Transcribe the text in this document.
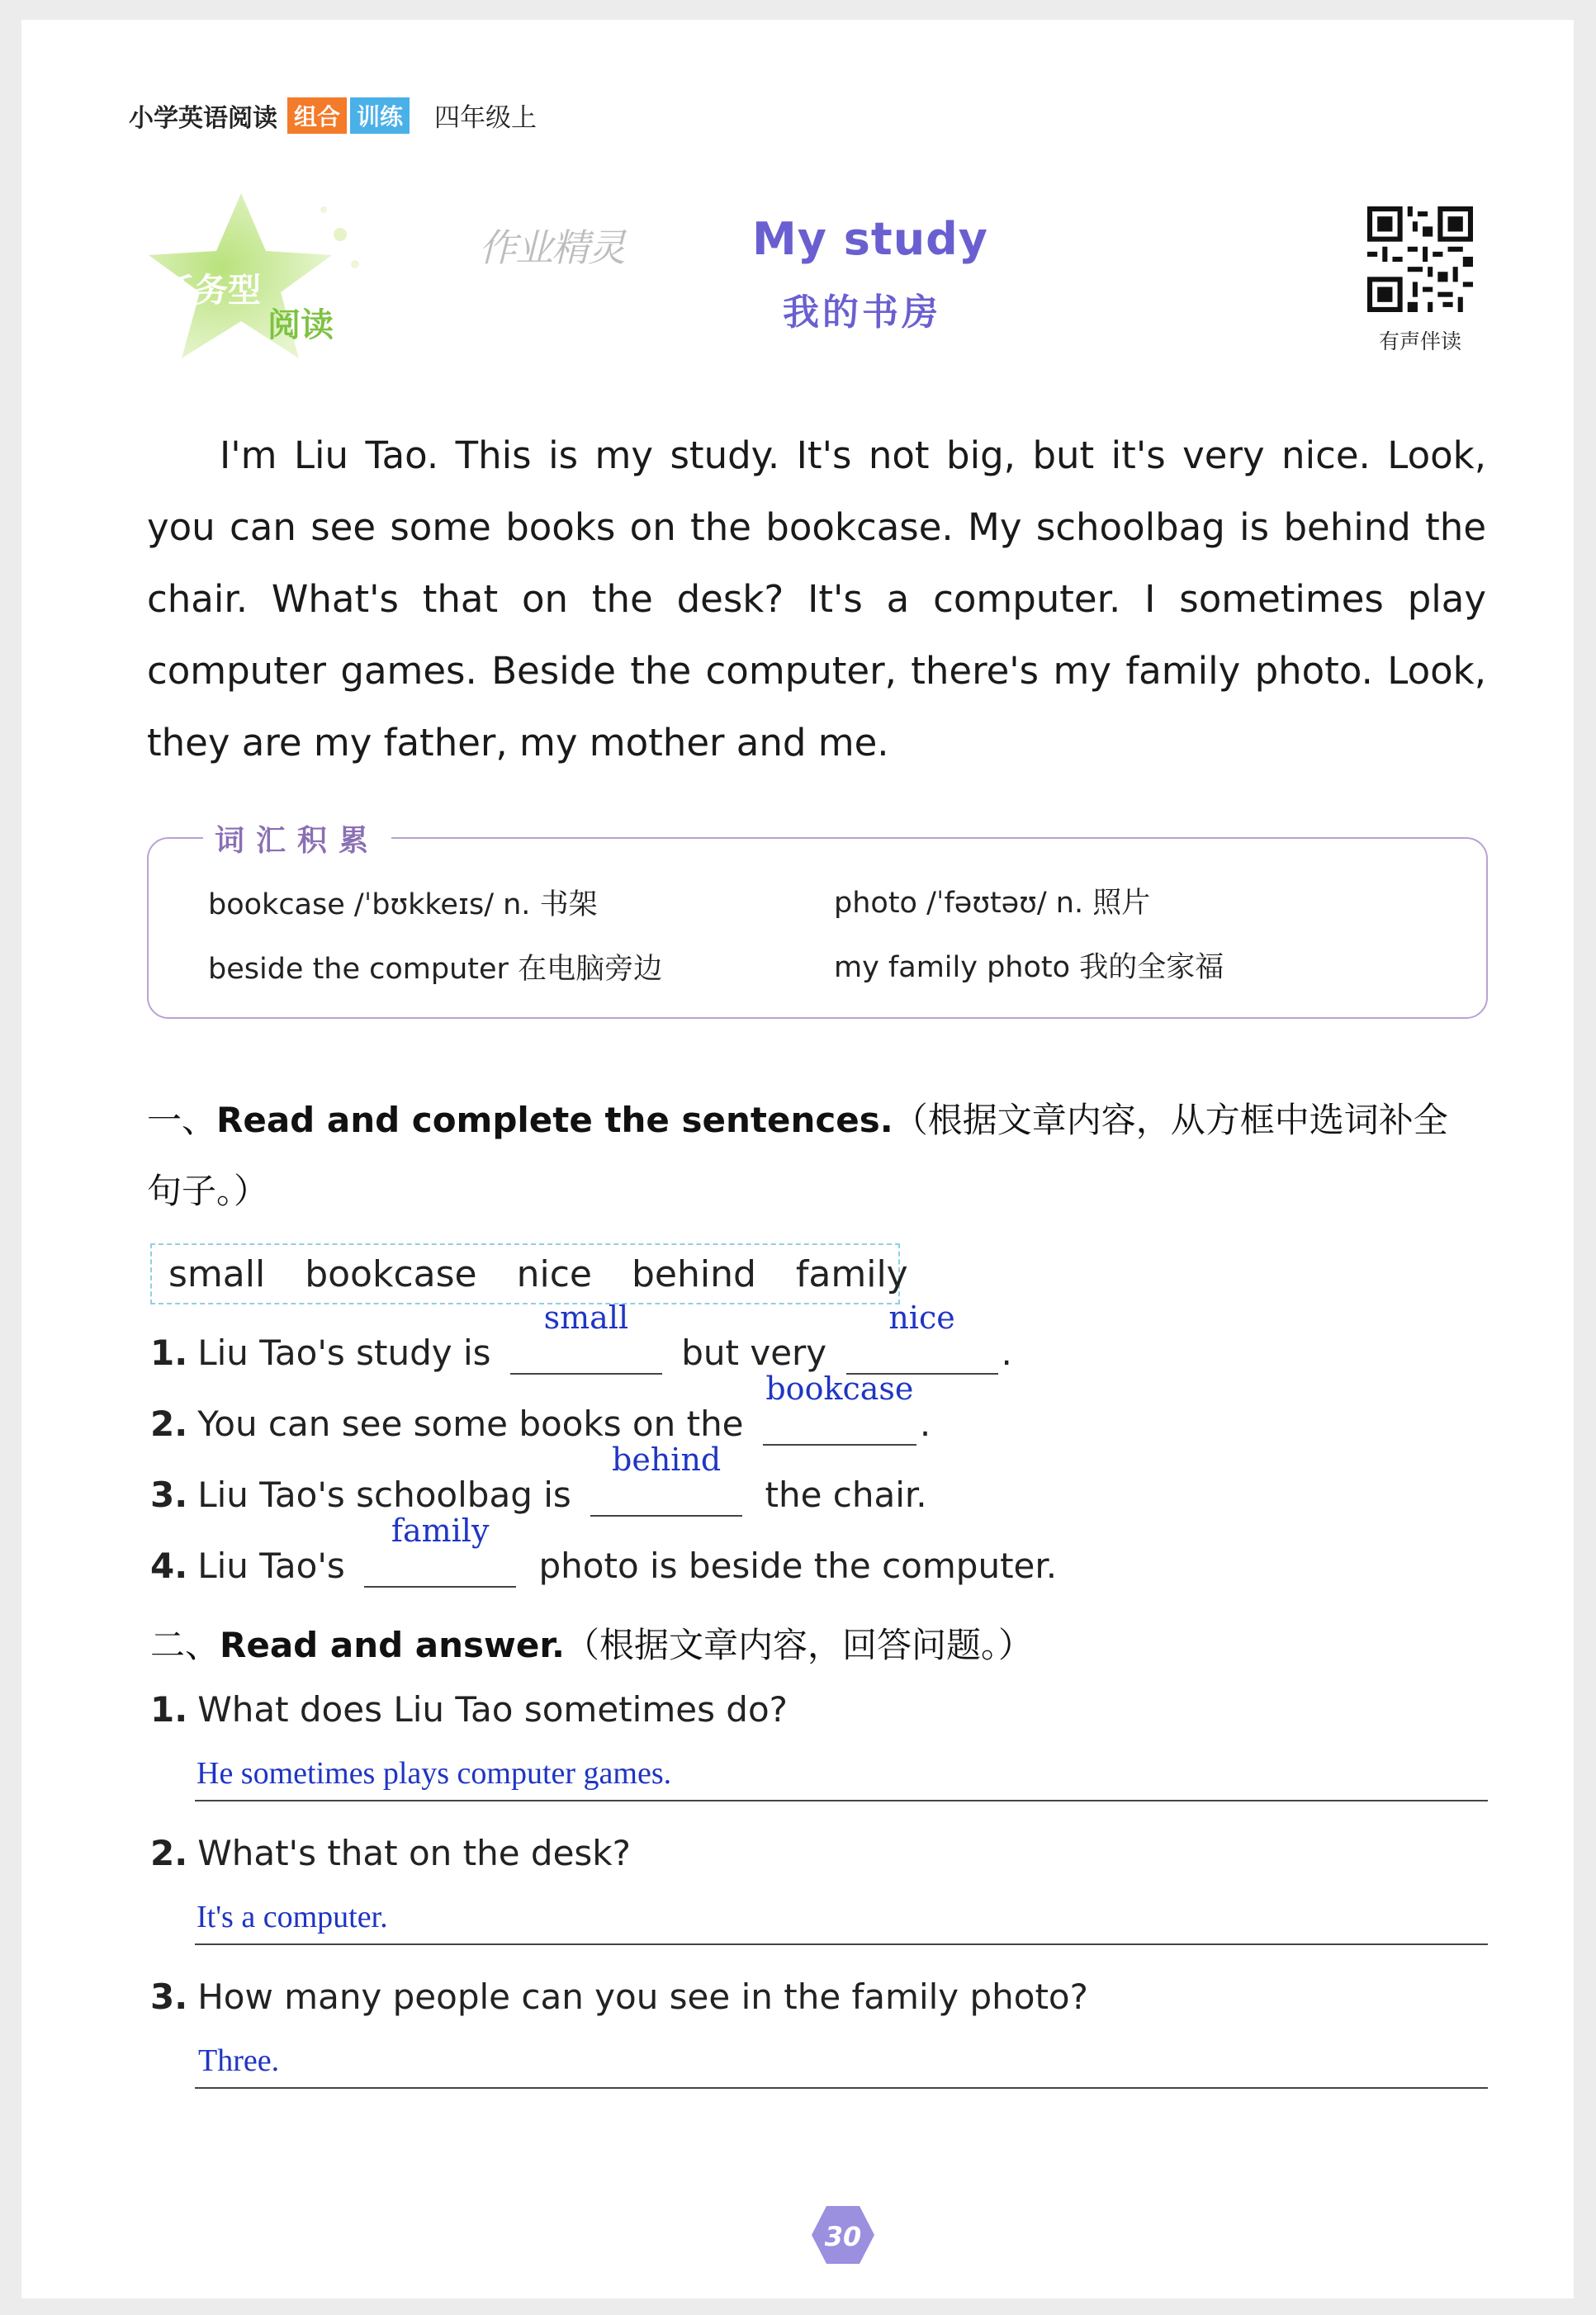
小学英语阅读 组合 训练 四年级上
任务型
阅读
作业精灵	My study
我的书房
有声伴读
I'm Liu Tao. This is my study. It's not big, but it's very nice. Look, you can see some books on the bookcase. My schoolbag is behind the chair. What's that on the desk? It's a computer. I sometimes play computer games. Beside the computer, there's my family photo. Look, they are my father, my mother and me.
词汇积累
bookcase /ˈbʊkkeɪs/ n. 书架	photo /ˈfəʊtəʊ/ n. 照片
beside the computer 在电脑旁边	my family photo 我的全家福
一、Read and complete the sentences.（根据文章内容，从方框中选词补全
句子。）
small bookcase nice behind family
1. Liu Tao's study is
small
but very
nice
.
2. You can see some books on the
bookcase
.
3. Liu Tao's schoolbag is
behind
the chair.
4. Liu Tao's
family
photo is beside the computer.
二、Read and answer.（根据文章内容，回答问题。）
1. What does Liu Tao sometimes do?
He sometimes plays computer games.
2. What's that on the desk?
It's a computer.
3. How many people can you see in the family photo?
Three.
30
